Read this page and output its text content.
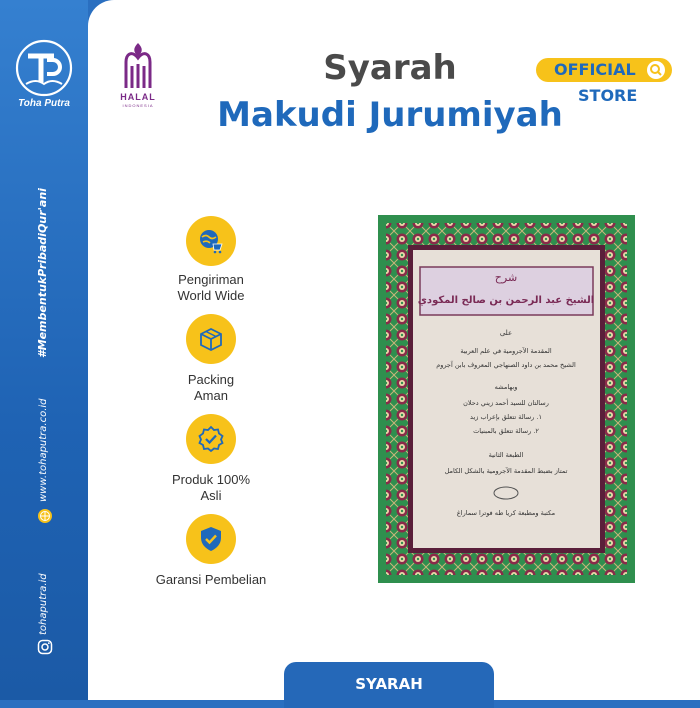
Toha Putra
#MembentukPribadiQur'ani
www.tohaputra.co.id
tohaputra.id
HALAL
INDONESIA
Syarah
Makudi Jurumiyah
OFFICIAL
STORE
Pengiriman
World Wide
Packing
Aman
Produk 100%
Asli
Garansi Pembelian
شرح
الشيخ عبد الرحمن بن صالح المكودي
على
المقدمة الآجرومية في علم العربية
الشيخ محمد بن داود الصنهاجي المعروف بابن آجروم
وبهامشه
رسالتان للسيد أحمد زيني دحلان
١. رسالة تتعلق بإعراب زيد
٢. رسالة تتعلق بالمبنيات
الطبعة الثانية
تمتاز بضبط المقدمة الآجرومية بالشكل الكامل
مكتبة ومطبعة كريا طه فوترا سماراغ
SYARAH
